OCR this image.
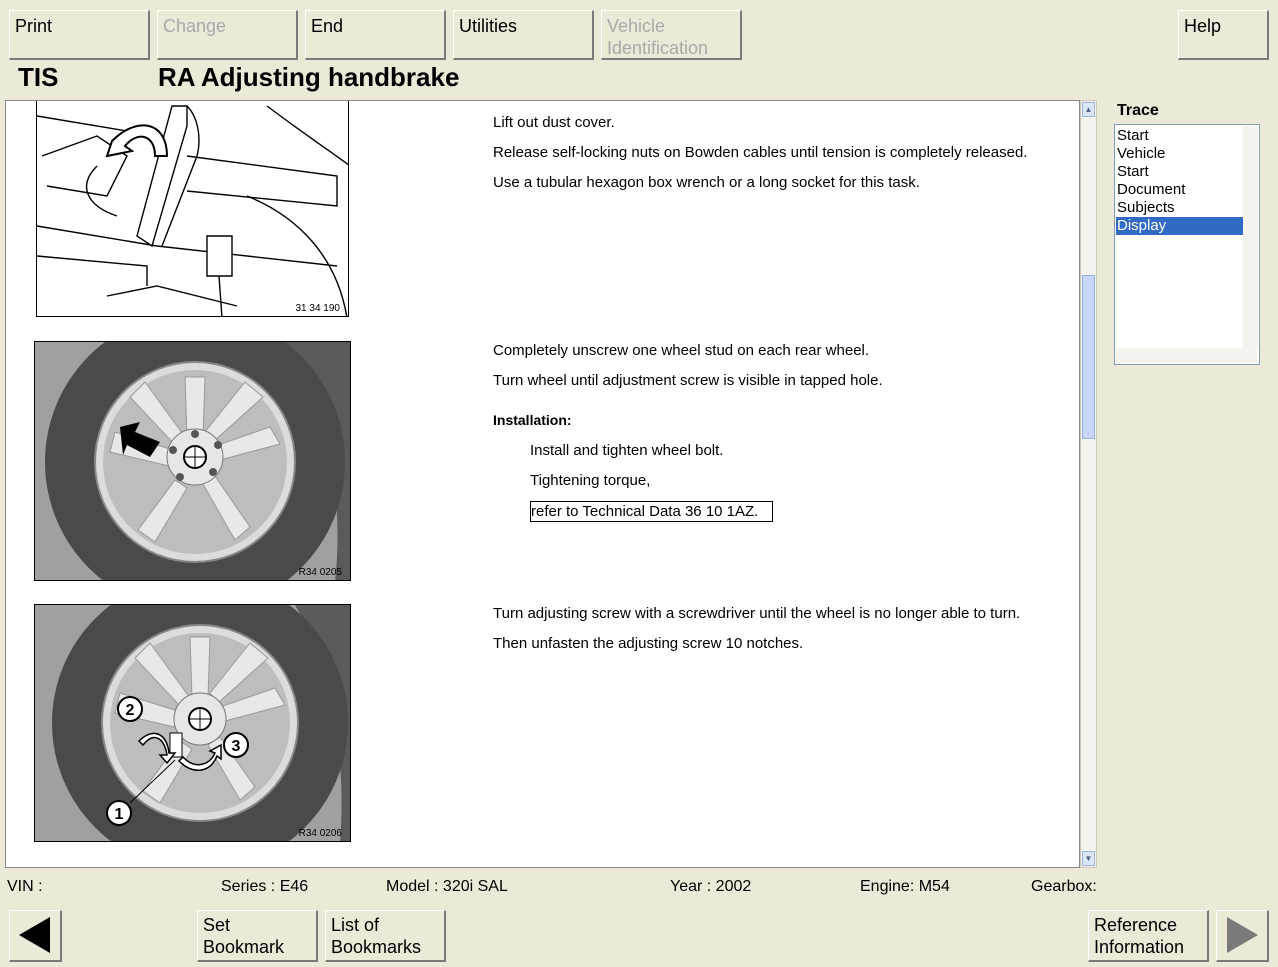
Print	Change	End	Utilities	Vehicle
Identification
Help
TIS	RA Adjusting handbrake
31 34 190
Lift out dust cover.
Release self-locking nuts on Bowden cables until tension is completely released.
Use a tubular hexagon box wrench or a long socket for this task.
R34 0205
Completely unscrew one wheel stud on each rear wheel.
Turn wheel until adjustment screw is visible in tapped hole.
Installation:
Install and tighten wheel bolt.
Tightening torque,
refer to Technical Data 36 10 1AZ.
2
3
1
R34 0206
Turn adjusting screw with a screwdriver until the wheel is no longer able to turn.
Then unfasten the adjusting screw 10 notches.
▲
▼
Trace
Start
Vehicle
Start
Document
Subjects
Display
VIN :	Series : E46	Model : 320i SAL	Year : 2002	Engine: M54	Gearbox:
Set
Bookmark
List of
Bookmarks
Reference
Information
